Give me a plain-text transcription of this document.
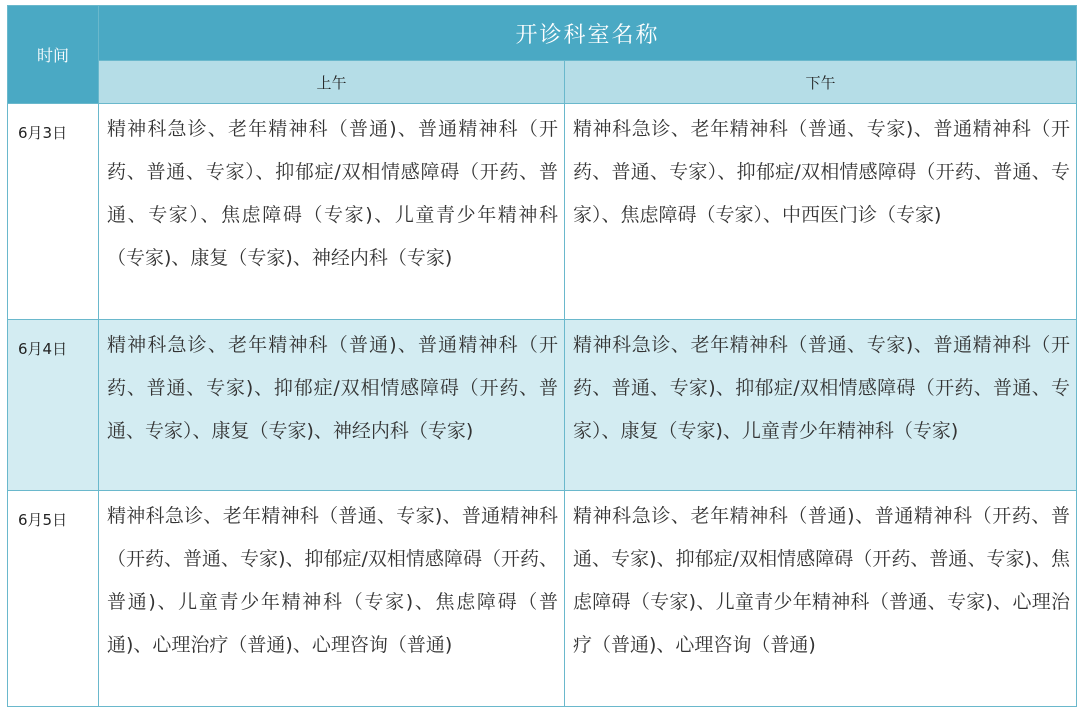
时间	开诊科室名称	
	上午	下午
6月3日	精神科急诊、老年精神科（普通)、普通精神科（开药、普通、专家）、抑郁症/双相情感障碍（开药、普通、专家）、焦虑障碍（专家)、儿童青少年精神科（专家)、康复（专家)、神经内科（专家)	精神科急诊、老年精神科（普通、专家)、普通精神科（开药、普通、专家）、抑郁症/双相情感障碍（开药、普通、专家）、焦虑障碍（专家）、中西医门诊（专家)
6月4日	精神科急诊、老年精神科（普通)、普通精神科（开药、普通、专家)、抑郁症/双相情感障碍（开药、普通、专家）、康复（专家)、神经内科（专家)	精神科急诊、老年精神科（普通、专家)、普通精神科（开药、普通、专家)、抑郁症/双相情感障碍（开药、普通、专家）、康复（专家)、儿童青少年精神科（专家)
6月5日	精神科急诊、老年精神科（普通、专家)、普通精神科（开药、普通、专家)、抑郁症/双相情感障碍（开药、普通)、儿童青少年精神科（专家)、焦虑障碍（普通)、心理治疗（普通)、心理咨询（普通)	精神科急诊、老年精神科（普通)、普通精神科（开药、普通、专家)、抑郁症/双相情感障碍（开药、普通、专家)、焦虑障碍（专家)、儿童青少年精神科（普通、专家)、心理治疗（普通)、心理咨询（普通)
